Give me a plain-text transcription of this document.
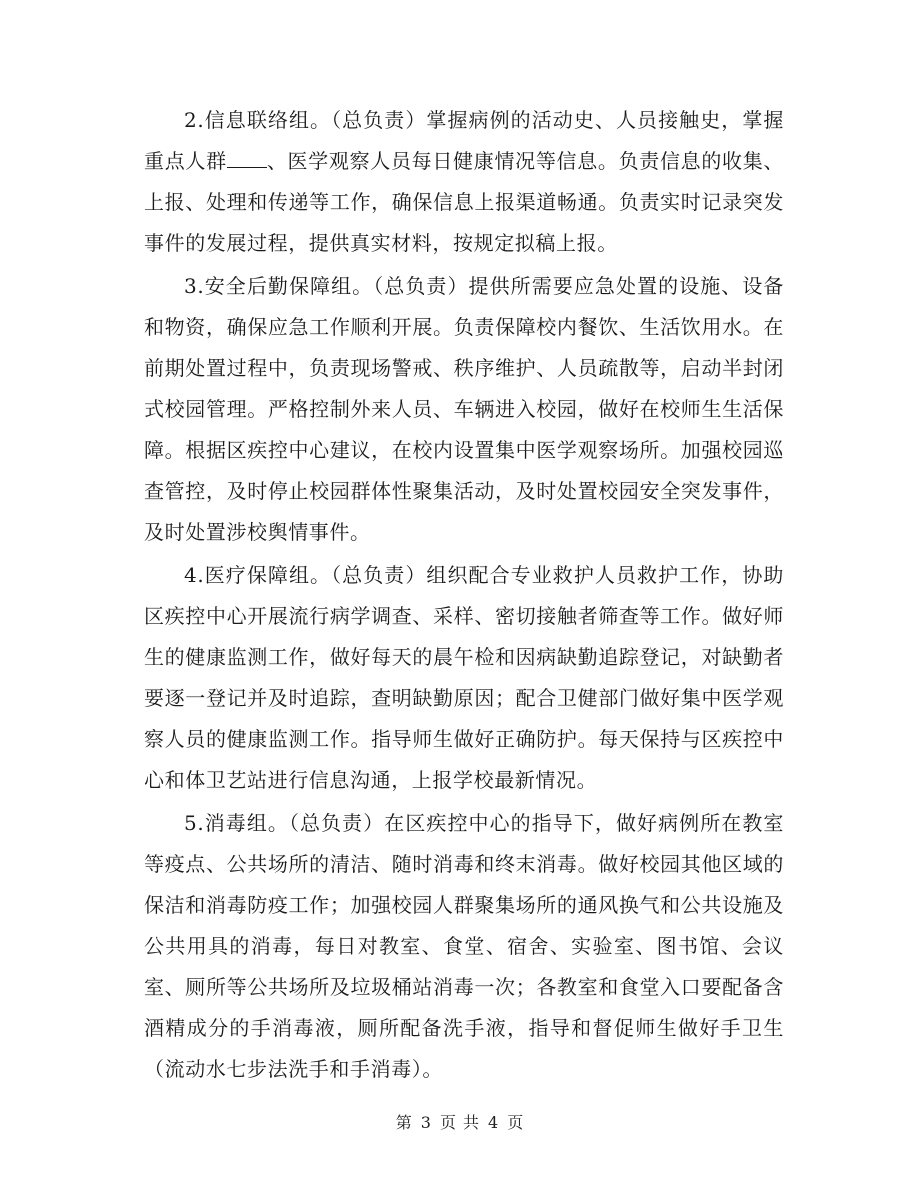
2.信息联络组。（总负责）掌握病例的活动史、人员接触史，掌握重点人群 、医学观察人员每日健康情况等信息。负责信息的收集、上报、处理和传递等工作，确保信息上报渠道畅通。负责实时记录突发事件的发展过程，提供真实材料，按规定拟稿上报。

3.安全后勤保障组。（总负责）提供所需要应急处置的设施、设备和物资，确保应急工作顺利开展。负责保障校内餐饮、生活饮用水。在前期处置过程中，负责现场警戒、秩序维护、人员疏散等，启动半封闭式校园管理。严格控制外来人员、车辆进入校园，做好在校师生生活保障。根据区疾控中心建议，在校内设置集中医学观察场所。加强校园巡查管控，及时停止校园群体性聚集活动，及时处置校园安全突发事件，及时处置涉校舆情事件。

4.医疗保障组。（总负责）组织配合专业救护人员救护工作，协助区疾控中心开展流行病学调查、采样、密切接触者筛查等工作。做好师生的健康监测工作，做好每天的晨午检和因病缺勤追踪登记，对缺勤者要逐一登记并及时追踪，查明缺勤原因；配合卫健部门做好集中医学观察人员的健康监测工作。指导师生做好正确防护。每天保持与区疾控中心和体卫艺站进行信息沟通，上报学校最新情况。

5.消毒组。（总负责）在区疾控中心的指导下，做好病例所在教室等疫点、公共场所的清洁、随时消毒和终末消毒。做好校园其他区域的保洁和消毒防疫工作；加强校园人群聚集场所的通风换气和公共设施及公共用具的消毒，每日对教室、食堂、宿舍、实验室、图书馆、会议室、厕所等公共场所及垃圾桶站消毒一次；各教室和食堂入口要配备含酒精成分的手消毒液，厕所配备洗手液，指导和督促师生做好手卫生（流动水七步法洗手和手消毒）。

第 3 页 共 4 页
